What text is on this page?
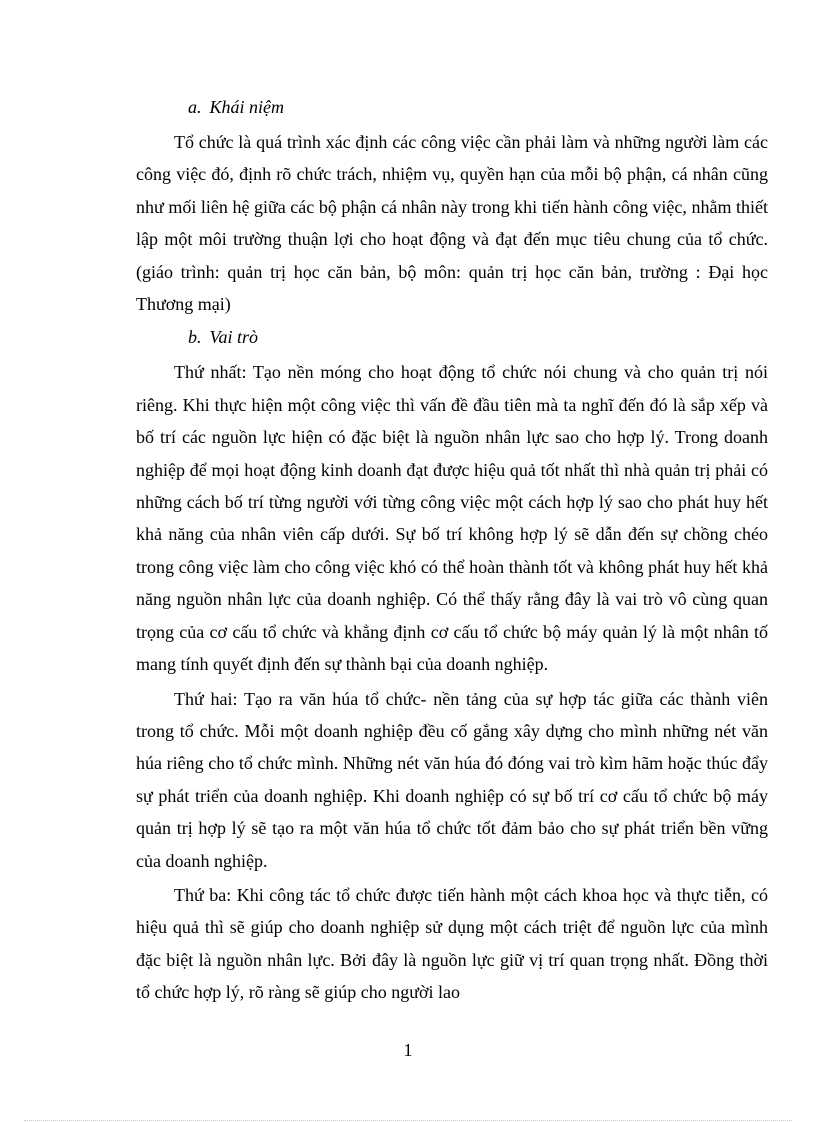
a. Khái niệm

Tổ chức là quá trình xác định các công việc cần phải làm và những người làm các công việc đó, định rõ chức trách, nhiệm vụ, quyền hạn của mỗi bộ phận, cá nhân cũng như mối liên hệ giữa các bộ phận cá nhân này trong khi tiến hành công việc, nhằm thiết lập một môi trường thuận lợi cho hoạt động và đạt đến mục tiêu chung của tổ chức. (giáo trình: quản trị học căn bản, bộ môn: quản trị học căn bản, trường : Đại học Thương mại)

b. Vai trò

Thứ nhất: Tạo nền móng cho hoạt động tổ chức nói chung và cho quản trị nói riêng. Khi thực hiện một công việc thì vấn đề đầu tiên mà ta nghĩ đến đó là sắp xếp và bố trí các nguồn lực hiện có đặc biệt là nguồn nhân lực sao cho hợp lý. Trong doanh nghiệp để mọi hoạt động kinh doanh đạt được hiệu quả tốt nhất thì nhà quản trị phải có những cách bố trí từng người với từng công việc một cách hợp lý sao cho phát huy hết khả năng của nhân viên cấp dưới. Sự bố trí không hợp lý sẽ dẫn đến sự chồng chéo trong công việc làm cho công việc khó có thể hoàn thành tốt và không phát huy hết khả năng nguồn nhân lực của doanh nghiệp. Có thể thấy rằng đây là vai trò vô cùng quan trọng của cơ cấu tổ chức và khẳng định cơ cấu tổ chức bộ máy quản lý là một nhân tố mang tính quyết định đến sự thành bại của doanh nghiệp.

Thứ hai: Tạo ra văn húa tổ chức- nền tảng của sự hợp tác giữa các thành viên trong tổ chức. Mỗi một doanh nghiệp đều cố gắng xây dựng cho mình những nét văn húa riêng cho tổ chức mình. Những nét văn húa đó đóng vai trò kìm hãm hoặc thúc đẩy sự phát triển của doanh nghiệp. Khi doanh nghiệp có sự bố trí cơ cấu tổ chức bộ máy quản trị hợp lý sẽ tạo ra một văn húa tổ chức tốt đảm bảo cho sự phát triển bền vững của doanh nghiệp.

Thứ ba: Khi công tác tổ chức được tiến hành một cách khoa học và thực tiễn, có hiệu quả thì sẽ giúp cho doanh nghiệp sử dụng một cách triệt để nguồn lực của mình đặc biệt là nguồn nhân lực. Bởi đây là nguồn lực giữ vị trí quan trọng nhất. Đồng thời tổ chức hợp lý, rõ ràng sẽ giúp cho người lao

1
